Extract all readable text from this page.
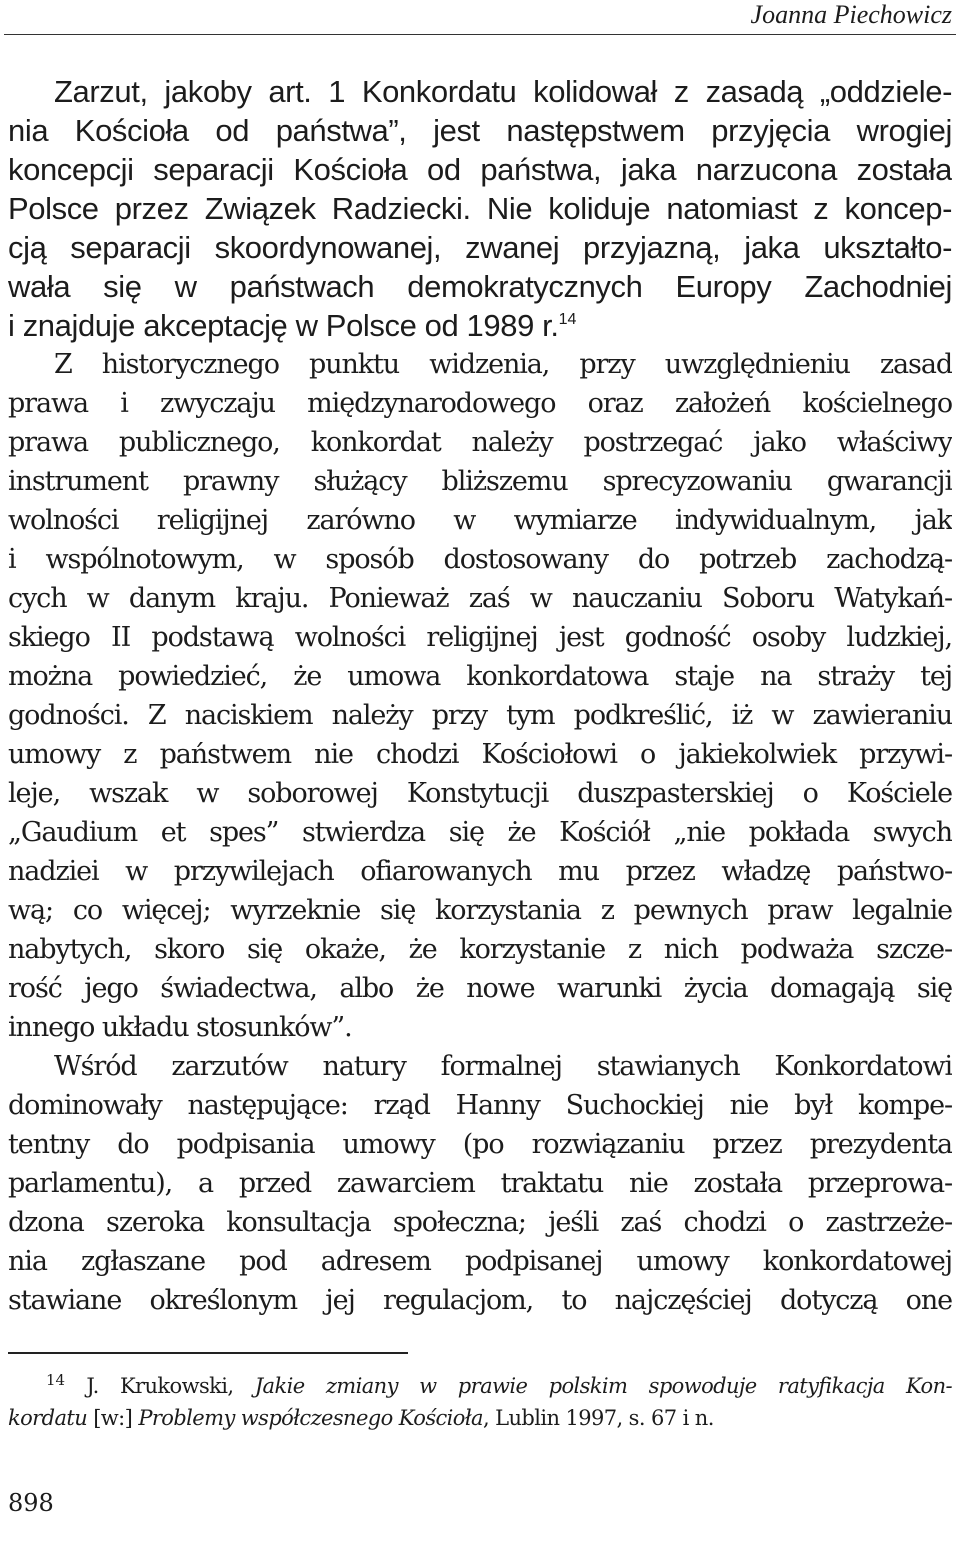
Joanna Piechowicz
Zarzut, jakoby art. 1 Konkordatu kolidował z zasadą „oddziele-
nia Kościoła od państwa”, jest następstwem przyjęcia wrogiej
koncepcji separacji Kościoła od państwa, jaka narzucona została
Polsce przez Związek Radziecki. Nie koliduje natomiast z koncep-
cją separacji skoordynowanej, zwanej przyjazną, jaka ukształto-
wała się w państwach demokratycznych Europy Zachodniej
i znajduje akceptację w Polsce od 1989 r.$^{14}$
Z historycznego punktu widzenia, przy uwzględnieniu zasad
prawa i zwyczaju międzynarodowego oraz założeń kościelnego
prawa publicznego, konkordat należy postrzegać jako właściwy
instrument prawny służący bliższemu sprecyzowaniu gwarancji
wolności religijnej zarówno w wymiarze indywidualnym, jak
i wspólnotowym, w sposób dostosowany do potrzeb zachodzą-
cych w danym kraju. Ponieważ zaś w nauczaniu Soboru Watykań-
skiego II podstawą wolności religijnej jest godność osoby ludzkiej,
można powiedzieć, że umowa konkordatowa staje na straży tej
godności. Z naciskiem należy przy tym podkreślić, iż w zawieraniu
umowy z państwem nie chodzi Kościołowi o jakiekolwiek przywi-
leje, wszak w soborowej Konstytucji duszpasterskiej o Kościele
„Gaudium et spes” stwierdza się że Kościół „nie pokłada swych
nadziei w przywilejach ofiarowanych mu przez władzę państwo-
wą; co więcej; wyrzeknie się korzystania z pewnych praw legalnie
nabytych, skoro się okaże, że korzystanie z nich podważa szcze-
rość jego świadectwa, albo że nowe warunki życia domagają się
innego układu stosunków”.
Wśród zarzutów natury formalnej stawianych Konkordatowi
dominowały następujące: rząd Hanny Suchockiej nie był kompe-
tentny do podpisania umowy (po rozwiązaniu przez prezydenta
parlamentu), a przed zawarciem traktatu nie została przeprowa-
dzona szeroka konsultacja społeczna; jeśli zaś chodzi o zastrzeże-
nia zgłaszane pod adresem podpisanej umowy konkordatowej
stawiane określonym jej regulacjom, to najczęściej dotyczą one
$^{14}$ J. Krukowski, Jakie zmiany w prawie polskim spowoduje ratyfikacja Kon-
kordatu [w:] Problemy współczesnego Kościoła, Lublin 1997, s. 67 i n.
898
